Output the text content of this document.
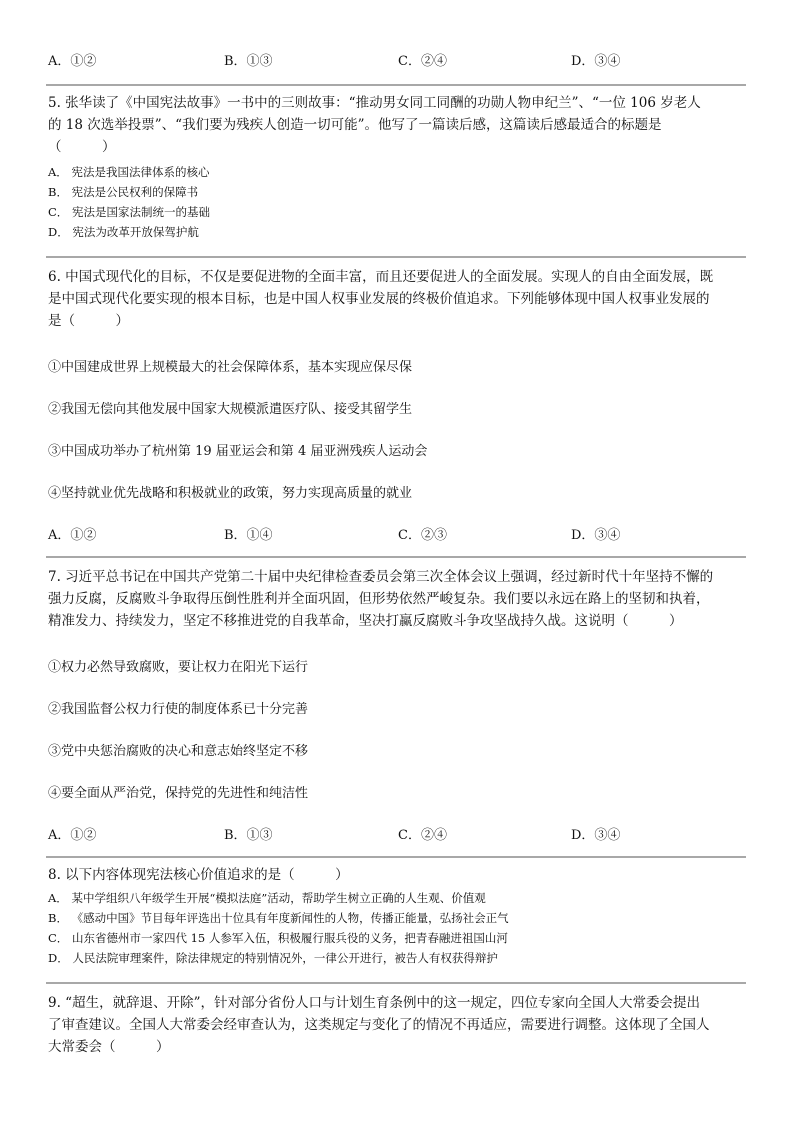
A．①②	B．①③	C．②④	D．③④
5. 张华读了《中国宪法故事》一书中的三则故事：“推动男女同工同酬的功勋人物申纪兰”、“一位 106 岁老人
的 18 次选举投票”、“我们要为残疾人创造一切可能”。他写了一篇读后感，这篇读后感最适合的标题是
（　　　）
A． 宪法是我国法律体系的核心
B． 宪法是公民权利的保障书
C． 宪法是国家法制统一的基础
D． 宪法为改革开放保驾护航
6. 中国式现代化的目标，不仅是要促进物的全面丰富，而且还要促进人的全面发展。实现人的自由全面发展，既
是中国式现代化要实现的根本目标，也是中国人权事业发展的终极价值追求。下列能够体现中国人权事业发展的
是（　　　）
①中国建成世界上规模最大的社会保障体系，基本实现应保尽保
②我国无偿向其他发展中国家大规模派遣医疗队、接受其留学生
③中国成功举办了杭州第 19 届亚运会和第 4 届亚洲残疾人运动会
④坚持就业优先战略和积极就业的政策，努力实现高质量的就业
A．①②	B．①④	C．②③	D．③④
7. 习近平总书记在中国共产党第二十届中央纪律检查委员会第三次全体会议上强调，经过新时代十年坚持不懈的
强力反腐，反腐败斗争取得压倒性胜利并全面巩固，但形势依然严峻复杂。我们要以永远在路上的坚韧和执着，
精准发力、持续发力，坚定不移推进党的自我革命，坚决打赢反腐败斗争攻坚战持久战。这说明（　　　）
①权力必然导致腐败，要让权力在阳光下运行
②我国监督公权力行使的制度体系已十分完善
③党中央惩治腐败的决心和意志始终坚定不移
④要全面从严治党，保持党的先进性和纯洁性
A．①②	B．①③	C．②④	D．③④
8. 以下内容体现宪法核心价值追求的是（　　　）
A． 某中学组织八年级学生开展“模拟法庭”活动，帮助学生树立正确的人生观、价值观
B． 《感动中国》节目每年评选出十位具有年度新闻性的人物，传播正能量，弘扬社会正气
C． 山东省德州市一家四代 15 人参军入伍，积极履行服兵役的义务，把青春融进祖国山河
D． 人民法院审理案件，除法律规定的特别情况外，一律公开进行，被告人有权获得辩护
9. “超生，就辞退、开除”，针对部分省份人口与计划生育条例中的这一规定，四位专家向全国人大常委会提出
了审查建议。全国人大常委会经审查认为，这类规定与变化了的情况不再适应，需要进行调整。这体现了全国人
大常委会（　　　）
